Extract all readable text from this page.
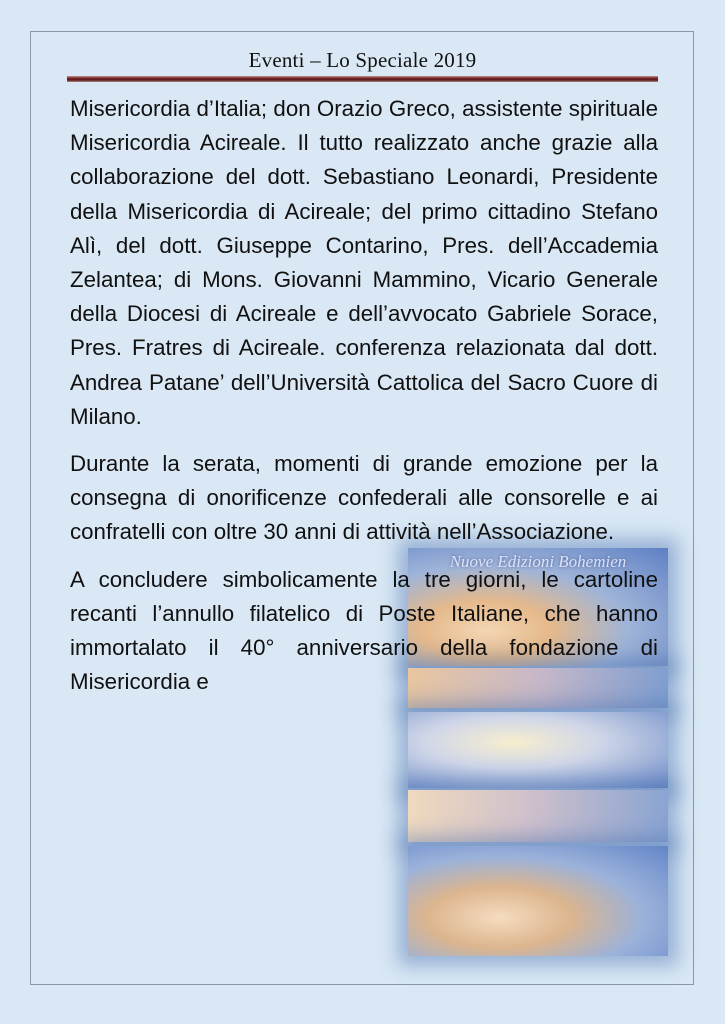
Eventi – Lo Speciale 2019
Nuove Edizioni Bohemien

Misericordia d’Italia; don Orazio Greco, assistente spirituale Misericordia Acireale. Il tutto realizzato anche grazie alla collaborazione del dott. Sebastiano Leonardi, Presidente della Misericordia di Acireale; del primo cittadino Stefano Alì, del dott. Giuseppe Contarino, Pres. dell’Accademia Zelantea; di Mons. Giovanni Mammino, Vicario Generale della Diocesi di Acireale e dell’avvocato Gabriele Sorace, Pres. Fratres di Acireale. conferenza relazionata dal dott. Andrea Patane’ dell’Università Cattolica del Sacro Cuore di Milano.

Durante la serata, momenti di grande emozione per la consegna di onorificenze confederali alle consorelle e ai confratelli con oltre 30 anni di attività nell’Associazione.

A concludere simbolicamente la tre giorni, le cartoline recanti l’annullo filatelico di Poste Italiane, che hanno immortalato il 40° anniversario della fondazione di Misericordia e
